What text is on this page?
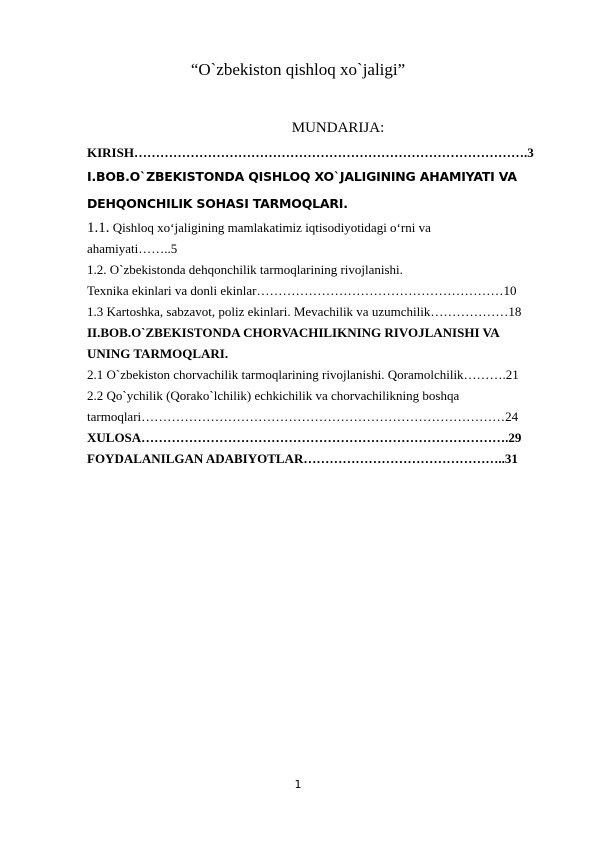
“O`zbekiston qishloq xo`jaligi”
MUNDARIJA:
KIRISH……………………………………………………………………………….3
I.BOB.O`ZBEKISTONDA QISHLOQ XO`JALIGINING AHAMIYATI VA
DEHQONCHILIK SOHASI TARMOQLARI.
1.1. Qishloq xo‘jaligining mamlakatimiz iqtisodiyotidagi o‘rni va
ahamiyati……..5
1.2. O`zbekistonda dehqonchilik tarmoqlarining rivojlanishi.
Texnika ekinlari va donli ekinlar…………………………………………………10
1.3 Kartoshka, sabzavot, poliz ekinlari. Mevachilik va uzumchilik………………18
II.BOB.O`ZBEKISTONDA CHORVACHILIKNING RIVOJLANISHI VA
UNING TARMOQLARI.
2.1 O`zbekiston chorvachilik tarmoqlarining rivojlanishi. Qoramolchilik……….21
2.2 Qo`ychilik (Qorako`lchilik) echkichilik va chorvachilikning boshqa
tarmoqlari…………………………………………………………………………24
XULOSA………………………………………………………………………….29
FOYDALANILGAN ADABIYOTLAR………………………………………..31
1
